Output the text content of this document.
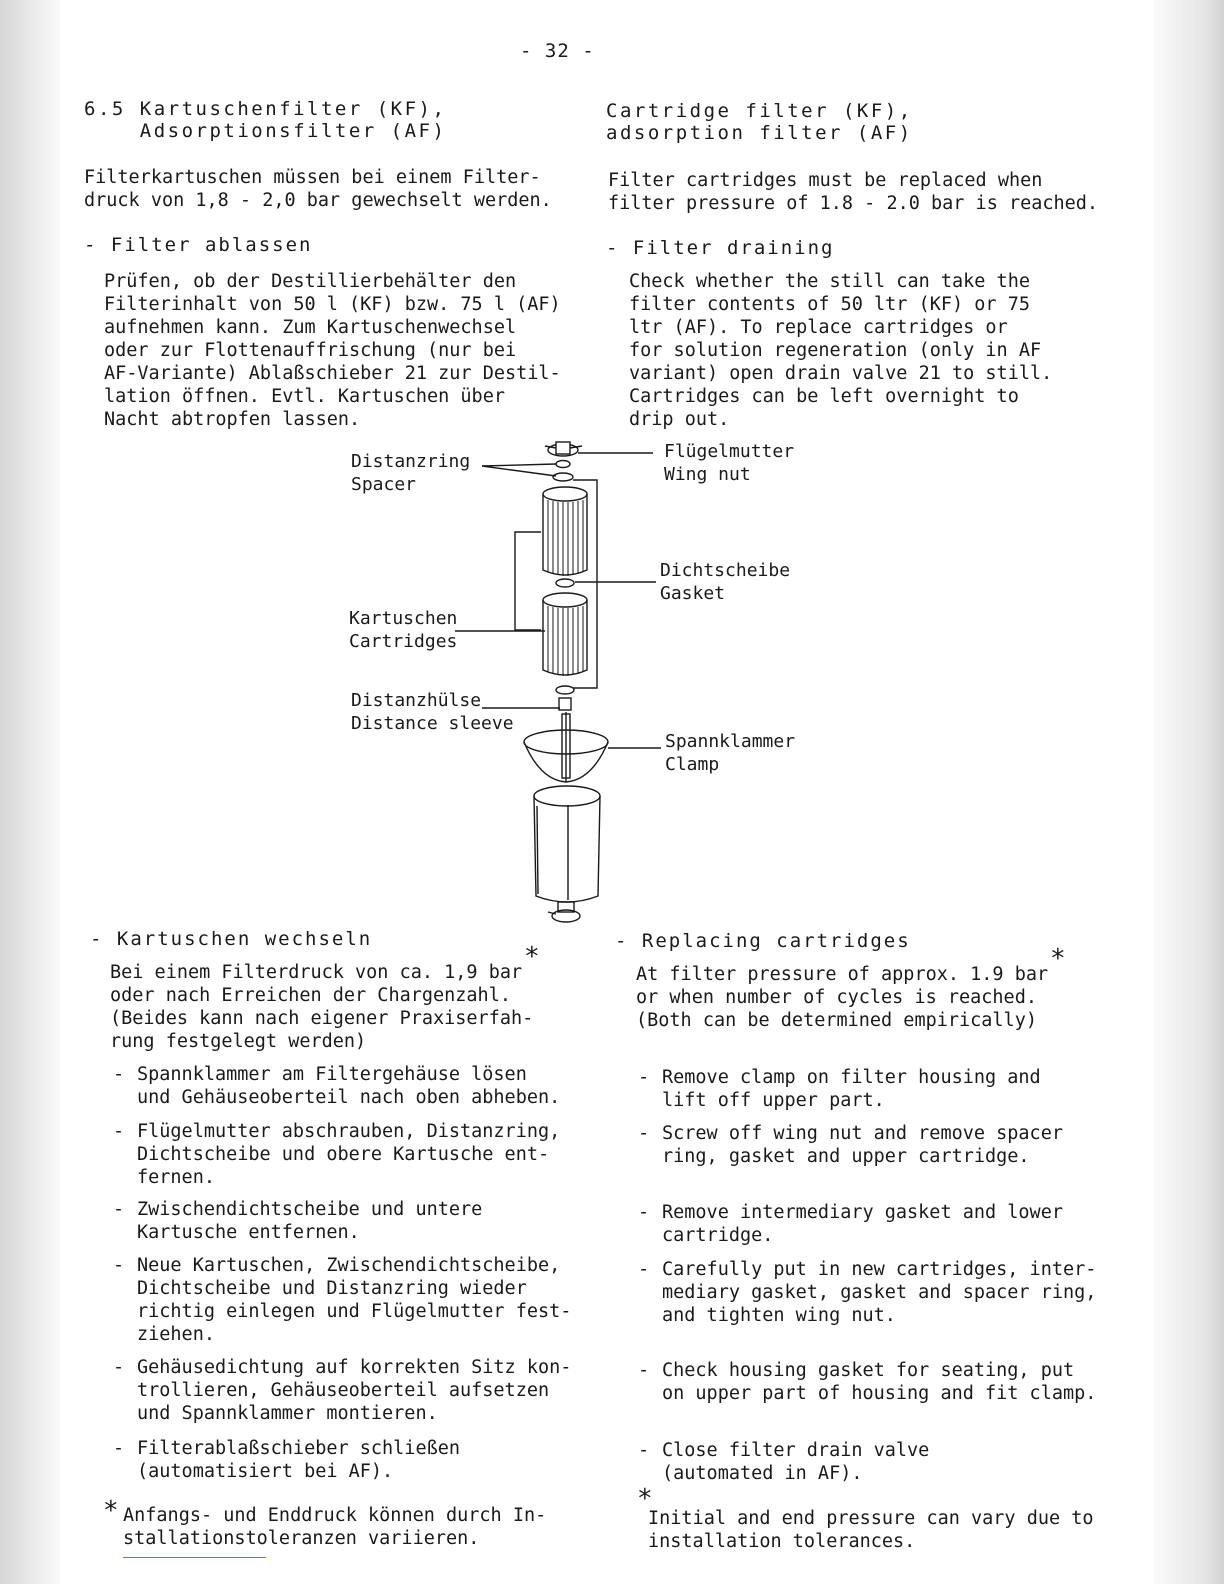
- 32 -
6.5 Kartuschenfilter (KF),
Adsorptionsfilter (AF)

Filterkartuschen müssen bei einem Filter-
druck von 1,8 - 2,0 bar gewechselt werden.

- Filter ablassen

Prüfen, ob der Destillierbehälter den
Filterinhalt von 50 l (KF) bzw. 75 l (AF)
aufnehmen kann. Zum Kartuschenwechsel
oder zur Flottenauffrischung (nur bei
AF-Variante) Ablaßschieber 21 zur Destil-
lation öffnen. Evtl. Kartuschen über
Nacht abtropfen lassen.

Cartridge filter (KF),
adsorption filter (AF)

Filter cartridges must be replaced when
filter pressure of 1.8 - 2.0 bar is reached.

- Filter draining

Check whether the still can take the
filter contents of 50 ltr (KF) or 75
ltr (AF). To replace cartridges or
for solution regeneration (only in AF
variant) open drain valve 21 to still.
Cartridges can be left overnight to
drip out.

Distanzring
Spacer
Flügelmutter
Wing nut
Dichtscheibe
Gasket
Kartuschen
Cartridges
Distanzhülse
Distance sleeve
Spannklammer
Clamp
- Kartuschen wechseln
*

Bei einem Filterdruck von ca. 1,9 bar
oder nach Erreichen der Chargenzahl.
(Beides kann nach eigener Praxiserfah-
rung festgelegt werden)

- Spannklammer am Filtergehäuse lösen
und Gehäuseoberteil nach oben abheben.
- Flügelmutter abschrauben, Distanzring,
Dichtscheibe und obere Kartusche ent-
fernen.
- Zwischendichtscheibe und untere
Kartusche entfernen.
- Neue Kartuschen, Zwischendichtscheibe,
Dichtscheibe und Distanzring wieder
richtig einlegen und Flügelmutter fest-
ziehen.
- Gehäusedichtung auf korrekten Sitz kon-
trollieren, Gehäuseoberteil aufsetzen
und Spannklammer montieren.
- Filterablaßschieber schließen
(automatisiert bei AF).
* Anfangs- und Enddruck können durch In-
stallationstoleranzen variieren.

- Replacing cartridges
*

At filter pressure of approx. 1.9 bar
or when number of cycles is reached.
(Both can be determined empirically)

- Remove clamp on filter housing and
lift off upper part.
- Screw off wing nut and remove spacer
ring, gasket and upper cartridge.
- Remove intermediary gasket and lower
cartridge.
- Carefully put in new cartridges, inter-
mediary gasket, gasket and spacer ring,
and tighten wing nut.
- Check housing gasket for seating, put
on upper part of housing and fit clamp.
- Close filter drain valve
(automated in AF).
*

Initial and end pressure can vary due to
installation tolerances.
